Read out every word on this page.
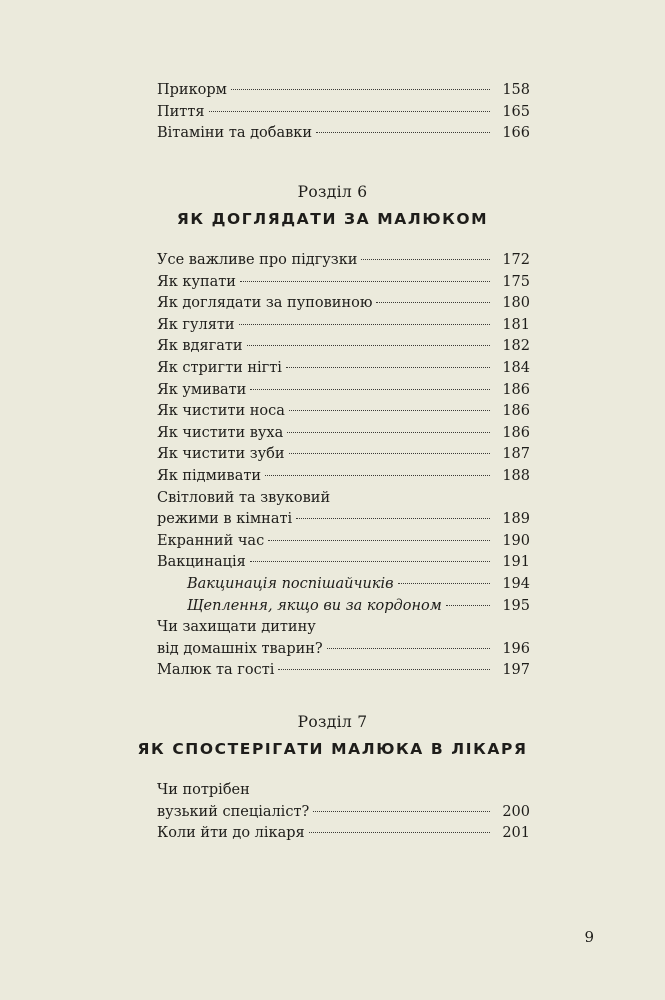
Прикорм	158
Пиття	165
Вітаміни та добавки	166
Розділ 6
ЯК ДОГЛЯДАТИ ЗА МАЛЮКОМ
Усе важливе про підгузки	172
Як купати	175
Як доглядати за пуповиною	180
Як гуляти	181
Як вдягати	182
Як стригти нігті	184
Як умивати	186
Як чистити носа	186
Як чистити вуха	186
Як чистити зуби	187
Як підмивати	188
Світловий та звуковий
режими в кімнаті	189
Екранний час	190
Вакцинація	191
Вакцинація поспішайчиків	194
Щеплення, якщо ви за кордоном	195
Чи захищати дитину
від домашніх тварин?	196
Малюк та гості	197
Розділ 7
ЯК СПОСТЕРІГАТИ МАЛЮКА В ЛІКАРЯ
Чи потрібен
вузький спеціаліст?	200
Коли йти до лікаря	201
9
